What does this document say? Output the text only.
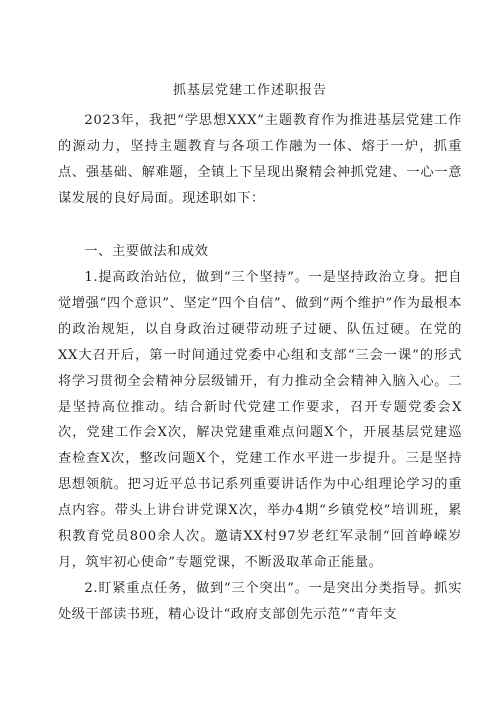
抓基层党建工作述职报告

2023年，我把“学思想XXX”主题教育作为推进基层党建工作的源动力，坚持主题教育与各项工作融为一体、熔于一炉，抓重点、强基础、解难题，全镇上下呈现出聚精会神抓党建、一心一意谋发展的良好局面。现述职如下：

一、主要做法和成效

1.提高政治站位，做到“三个坚持”。一是坚持政治立身。把自觉增强“四个意识”、坚定“四个自信”、做到“两个维护”作为最根本的政治规矩，以自身政治过硬带动班子过硬、队伍过硬。在党的XX大召开后，第一时间通过党委中心组和支部“三会一课”的形式将学习贯彻全会精神分层级铺开，有力推动全会精神入脑入心。二是坚持高位推动。结合新时代党建工作要求，召开专题党委会X次，党建工作会X次，解决党建重难点问题X个，开展基层党建巡查检查X次，整改问题X个，党建工作水平进一步提升。三是坚持思想领航。把习近平总书记系列重要讲话作为中心组理论学习的重点内容。带头上讲台讲党课X次，举办4期“乡镇党校”培训班，累积教育党员800余人次。邀请XX村97岁老红军录制“回首峥嵘岁月，筑牢初心使命”专题党课，不断汲取革命正能量。

2.盯紧重点任务，做到“三个突出”。一是突出分类指导。抓实处级干部读书班，精心设计“政府支部创先示范”“青年支
